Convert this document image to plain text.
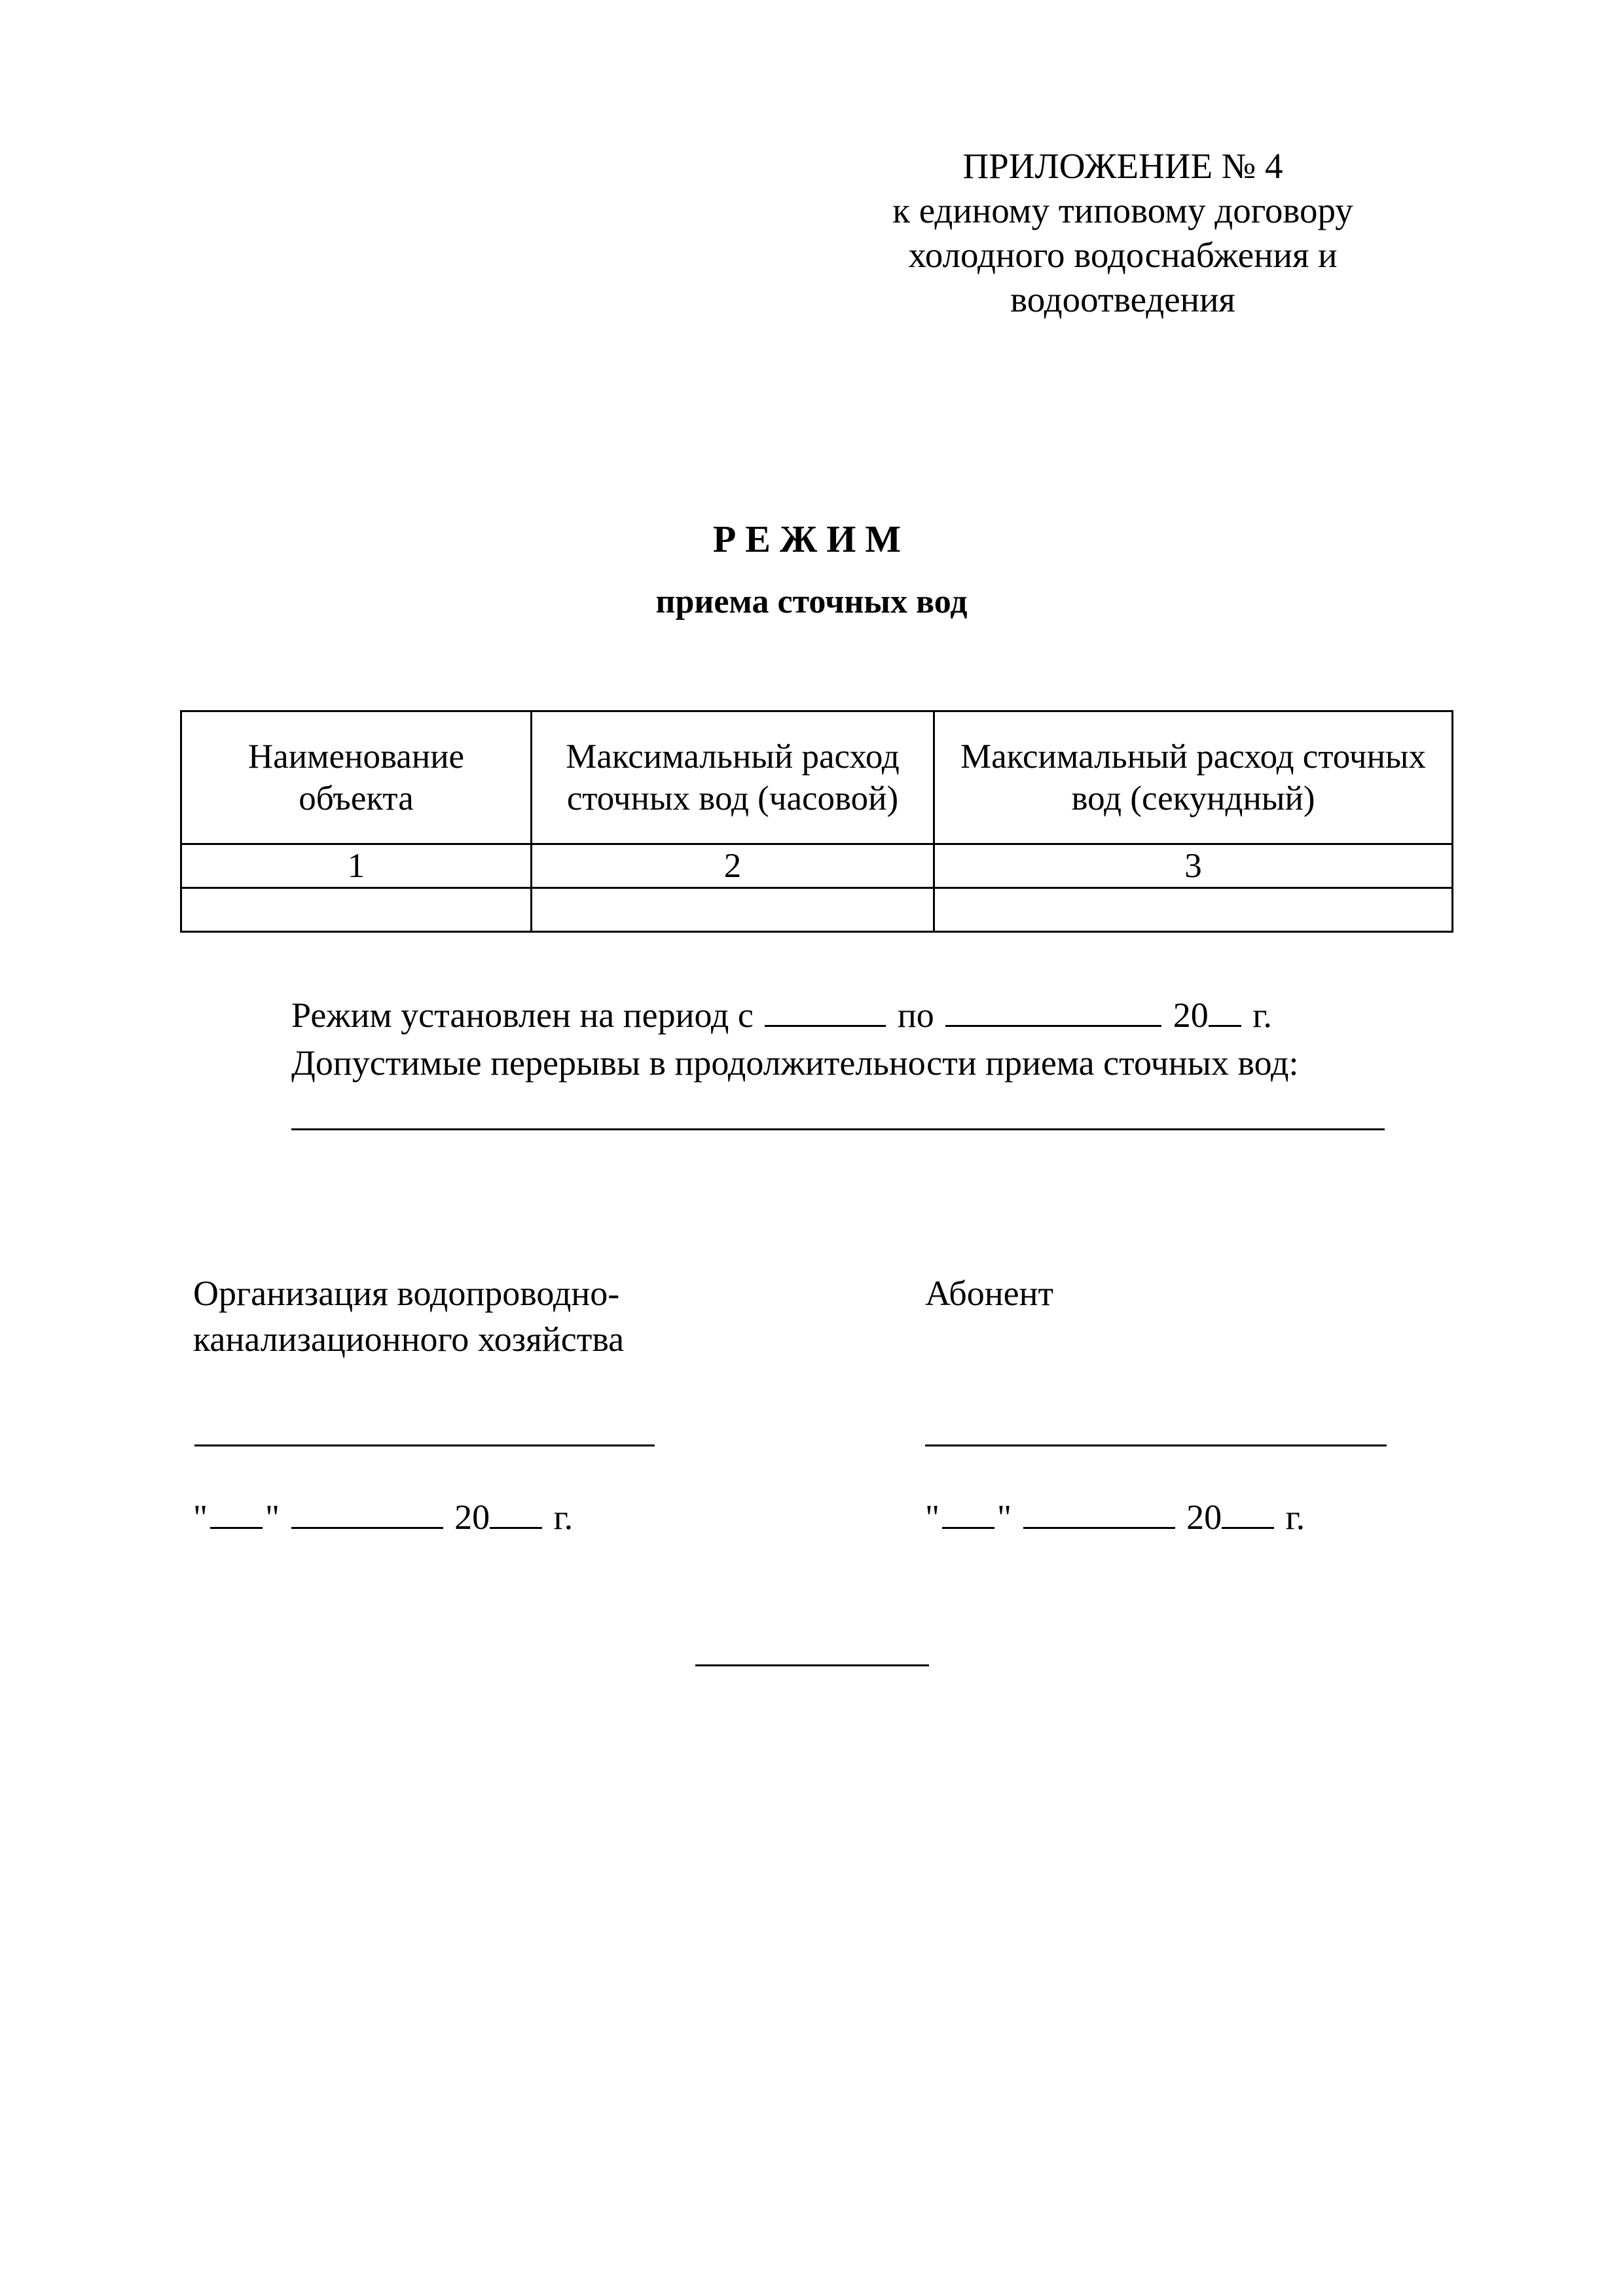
ПРИЛОЖЕНИЕ № 4
к единому типовому договору
холодного водоснабжения и
водоотведения
РЕЖИМ
приема сточных вод
Наименование объекта	Максимальный расход сточных вод (часовой)	Максимальный расход сточных вод (секундный)
1	2	3

Режим установлен на период с	по	20 г.
Допустимые перерывы в продолжительности приема сточных вод:
Организация водопроводно-
канализационного хозяйства
" "	20 г.
Абонент
" "	20 г.
